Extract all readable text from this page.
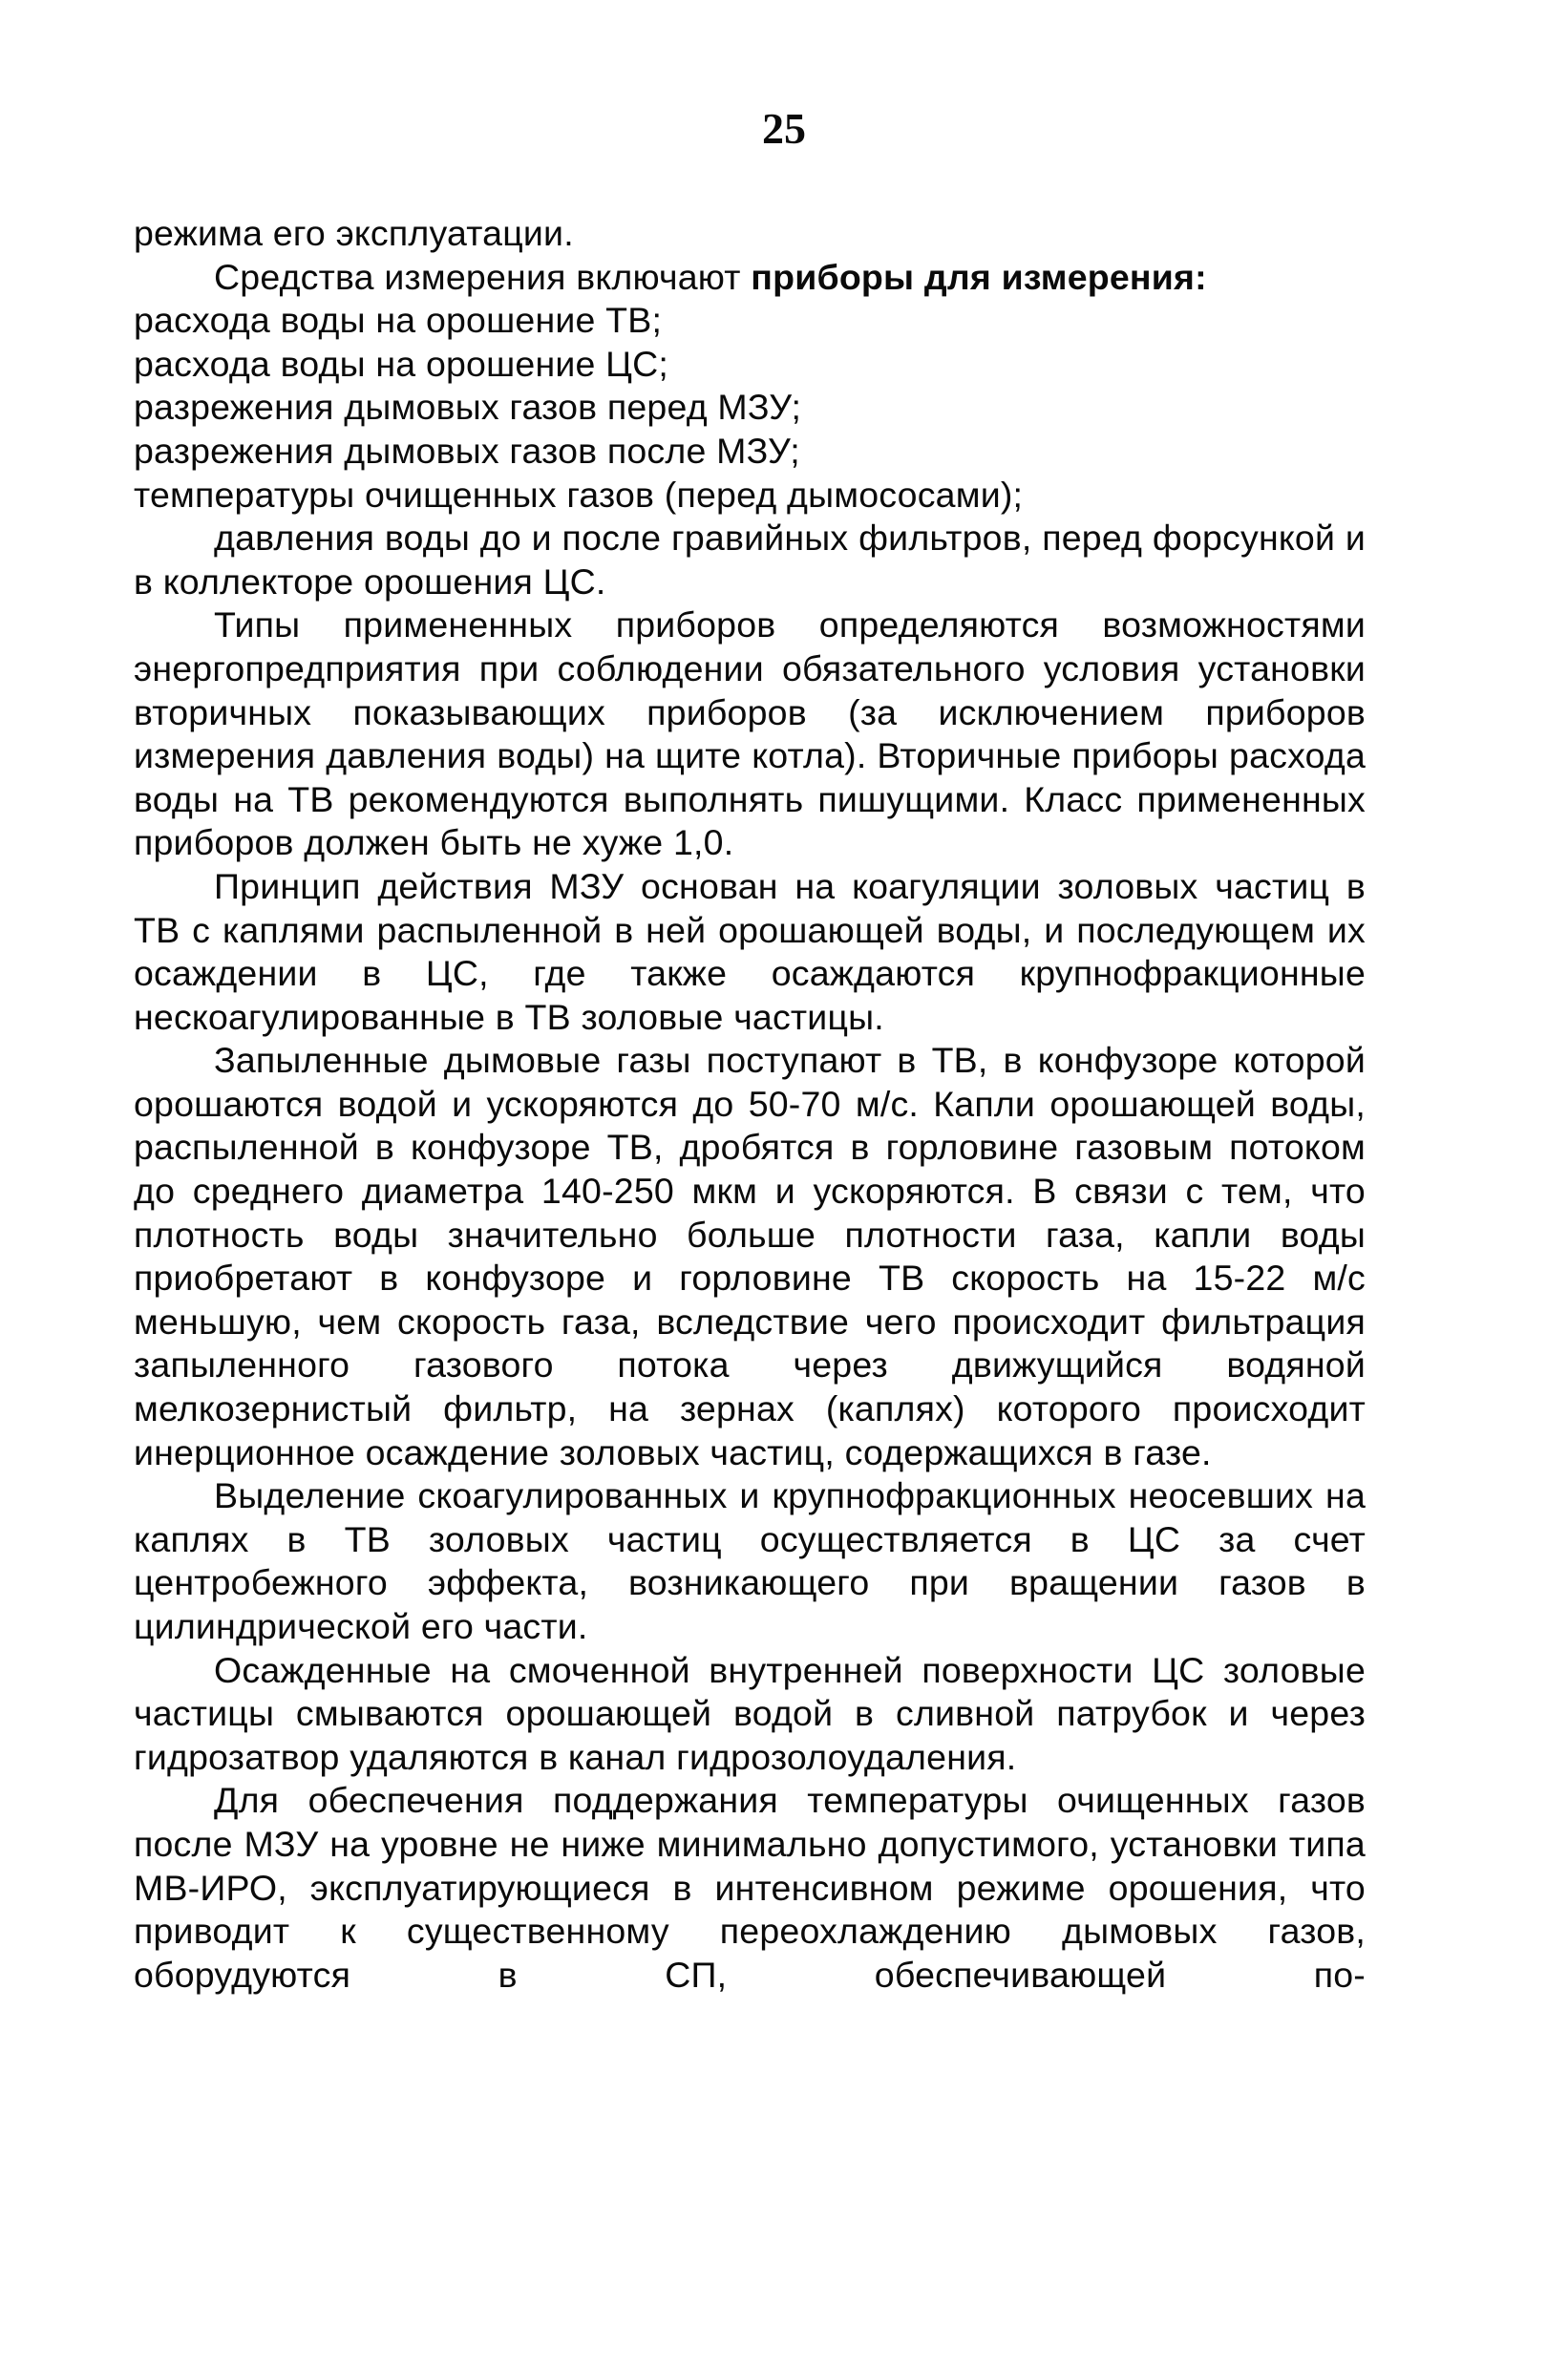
25

режима его эксплуатации.

Средства измерения включают приборы для измерения:

расхода воды на орошение ТВ;

расхода воды на орошение ЦС;

разрежения дымовых газов перед МЗУ;

разрежения дымовых газов после МЗУ;

температуры очищенных газов (перед дымососами);

давления воды до и после гравийных фильтров, перед форсункой и в коллекторе орошения ЦС.

Типы примененных приборов определяются возможностями энергопредприятия при соблюдении обязательного условия установки вторичных показывающих приборов (за исключением приборов измерения давления воды) на щите котла). Вторичные приборы расхода воды на ТВ рекомендуются выполнять пишущими. Класс примененных приборов должен быть не хуже 1,0.

Принцип действия МЗУ основан на коагуляции золовых частиц в ТВ с каплями распыленной в ней орошающей воды, и последующем их осаждении в ЦС, где также осаждаются крупнофракционные нескоагулированные в ТВ золовые частицы.

Запыленные дымовые газы поступают в ТВ, в конфузоре которой орошаются водой и ускоряются до 50-70 м/с. Капли орошающей воды, распыленной в конфузоре ТВ, дробятся в горловине газовым потоком до среднего диаметра 140-250 мкм и ускоряются. В связи с тем, что плотность воды значительно больше плотности газа, капли воды приобретают в конфузоре и горловине ТВ скорость на 15-22 м/с меньшую, чем скорость газа, вследствие чего происходит фильтрация запыленного газового потока через движущийся водяной мелкозернистый фильтр, на зернах (каплях) которого происходит инерционное осаждение золовых частиц, содержащихся в газе.

Выделение скоагулированных и крупнофракционных неосевших на каплях в ТВ золовых частиц осуществляется в ЦС за счет центробежного эффекта, возникающего при вращении газов в цилиндрической его части.

Осажденные на смоченной внутренней поверхности ЦС золовые частицы смываются орошающей водой в сливной патрубок и через гидрозатвор удаляются в канал гидрозолоудаления.

Для обеспечения поддержания температуры очищенных газов после МЗУ на уровне не ниже минимально допустимого, установки типа МВ-ИРО, эксплуатирующиеся в интенсивном режиме орошения, что приводит к существенному переохлаждению дымовых газов, оборудуются в СП, обеспечивающей по-
